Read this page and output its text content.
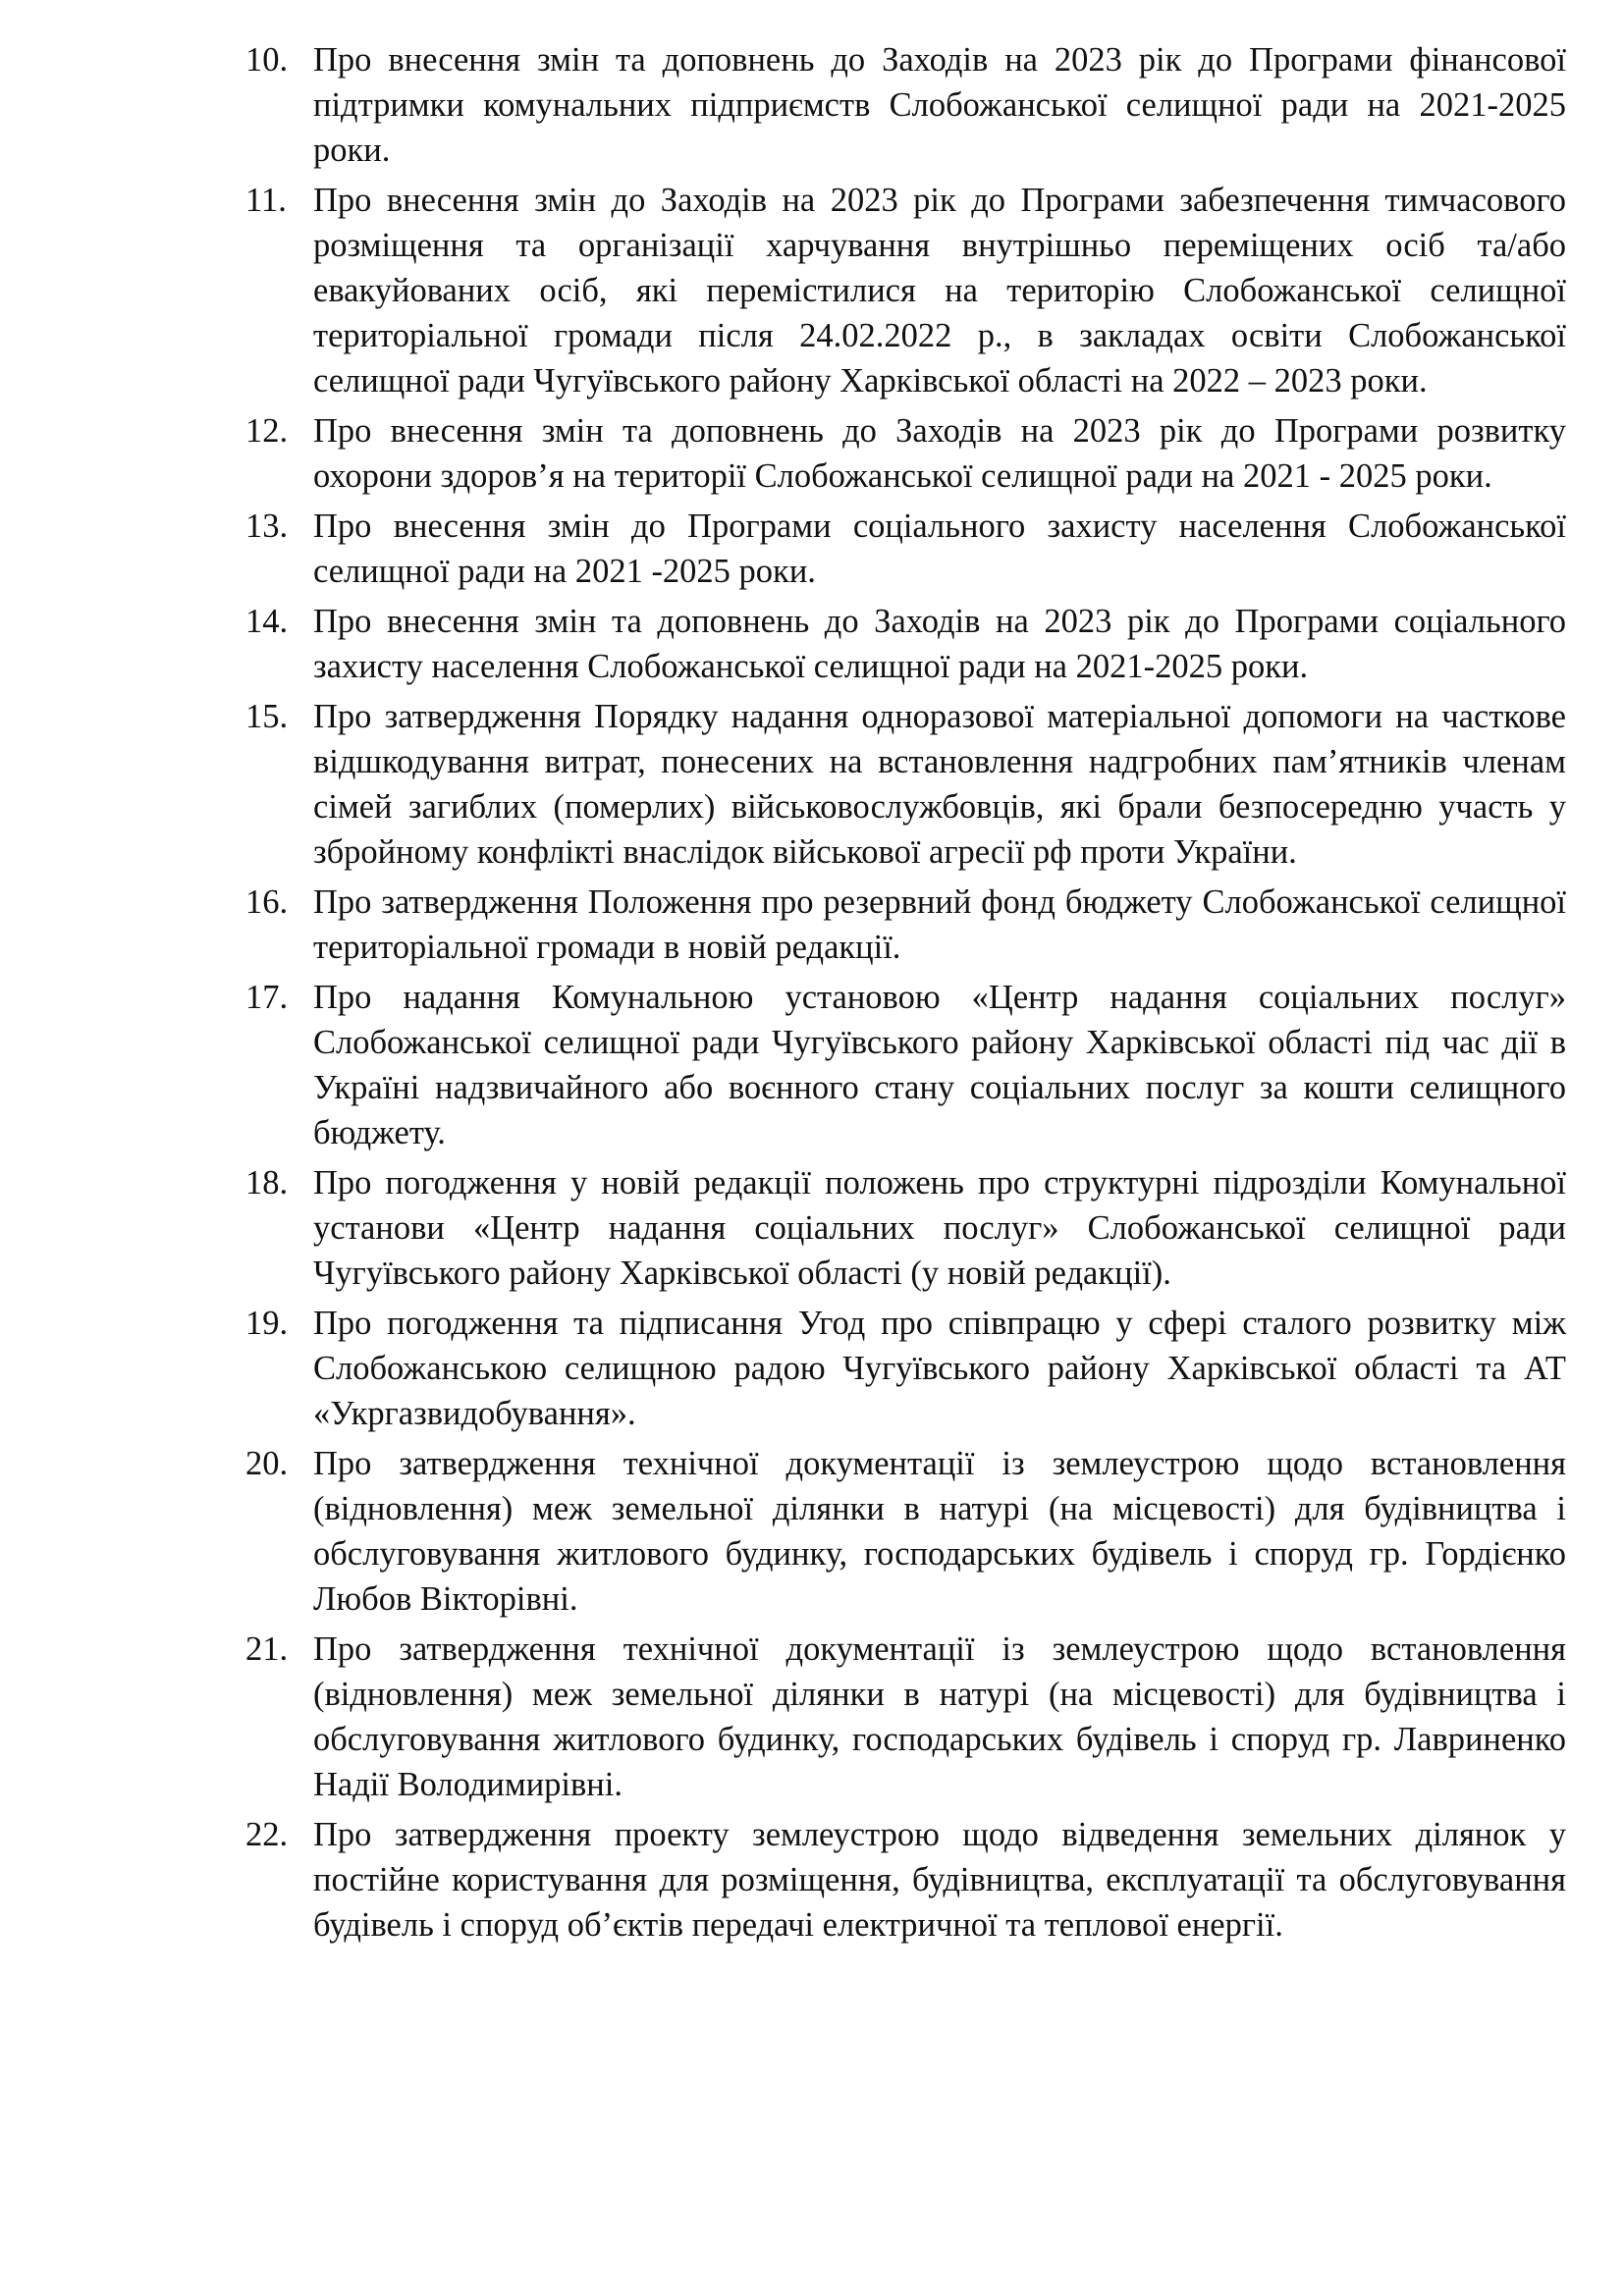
10. Про внесення змін та доповнень до Заходів на 2023 рік до Програми фінансової підтримки комунальних підприємств Слобожанської селищної ради на 2021-2025 роки.
11. Про внесення змін до Заходів на 2023 рік до Програми забезпечення тимчасового розміщення та організації харчування внутрішньо переміщених осіб та/або евакуйованих осіб, які перемістилися на територію Слобожанської селищної територіальної громади після 24.02.2022 р., в закладах освіти Слобожанської селищної ради Чугуївського району Харківської області на 2022 – 2023 роки.
12. Про внесення змін та доповнень до Заходів на 2023 рік до Програми розвитку охорони здоров’я на території Слобожанської селищної ради на 2021 - 2025 роки.
13. Про внесення змін до Програми соціального захисту населення Слобожанської селищної ради на 2021 -2025 роки.
14. Про внесення змін та доповнень до Заходів на 2023 рік до Програми соціального захисту населення Слобожанської селищної ради на 2021-2025 роки.
15. Про затвердження Порядку надання одноразової матеріальної допомоги на часткове відшкодування витрат, понесених на встановлення надгробних пам’ятників членам сімей загиблих (померлих) військовослужбовців, які брали безпосередню участь у збройному конфлікті внаслідок військової агресії рф проти України.
16. Про затвердження Положення про резервний фонд бюджету Слобожанської селищної територіальної громади в новій редакції.
17. Про надання Комунальною установою «Центр надання соціальних послуг» Слобожанської селищної ради Чугуївського району Харківської області під час дії в Україні надзвичайного або воєнного стану соціальних послуг за кошти селищного бюджету.
18. Про погодження у новій редакції положень про структурні підрозділи Комунальної установи «Центр надання соціальних послуг» Слобожанської селищної ради Чугуївського району Харківської області (у новій редакції).
19. Про погодження та підписання Угод про співпрацю у сфері сталого розвитку між Слобожанською селищною радою Чугуївського району Харківської області та АТ «Укргазвидобування».
20. Про затвердження технічної документації із землеустрою щодо встановлення (відновлення) меж земельної ділянки в натурі (на місцевості) для будівництва і обслуговування житлового будинку, господарських будівель і споруд гр. Гордієнко Любов Вікторівні.
21. Про затвердження технічної документації із землеустрою щодо встановлення (відновлення) меж земельної ділянки в натурі (на місцевості) для будівництва і обслуговування житлового будинку, господарських будівель і споруд гр. Лавриненко Надії Володимирівні.
22. Про затвердження проекту землеустрою щодо відведення земельних ділянок у постійне користування для розміщення, будівництва, експлуатації та обслуговування будівель і споруд об’єктів передачі електричної та теплової енергії.
